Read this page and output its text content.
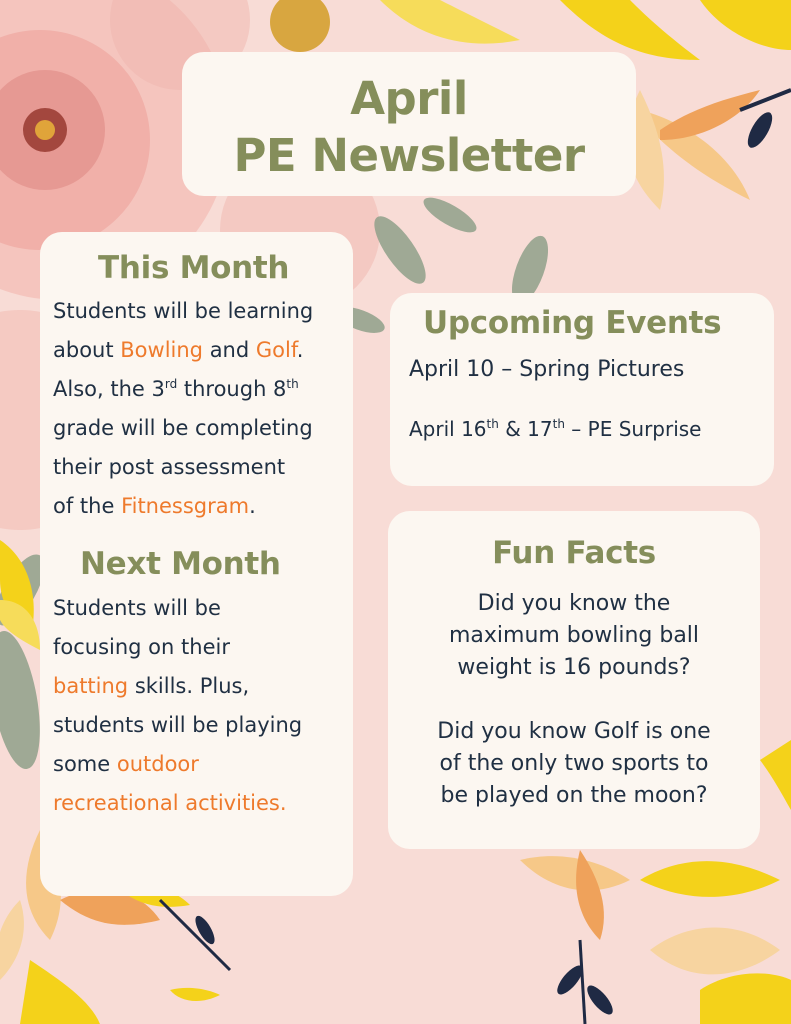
April
PE Newsletter
This Month
Students will be learning
about Bowling and Golf.
Also, the 3rd through 8th
grade will be completing
their post assessment
of the Fitnessgram.
Next Month
Students will be
focusing on their
batting skills. Plus,
students will be playing
some outdoor
recreational activities.
Upcoming Events
April 10 – Spring Pictures
April 16th & 17th – PE Surprise
Fun Facts
Did you know the
maximum bowling ball
weight is 16 pounds?
Did you know Golf is one
of the only two sports to
be played on the moon?
